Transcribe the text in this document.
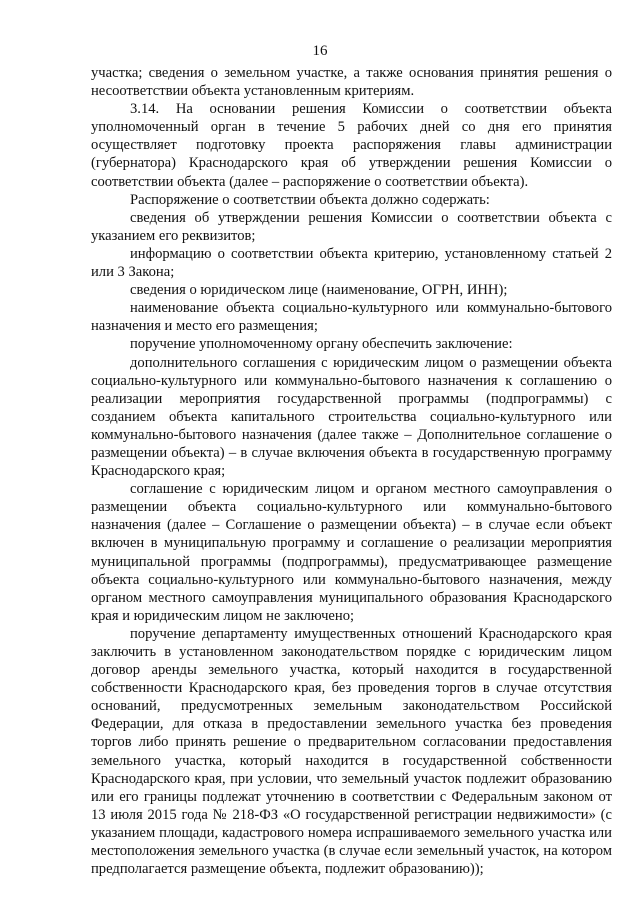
16

участка; сведения о земельном участке, а также основания принятия решения о несоответствии объекта установленным критериям.

3.14. На основании решения Комиссии о соответствии объекта уполномоченный орган в течение 5 рабочих дней со дня его принятия осуществляет подготовку проекта распоряжения главы администрации (губернатора) Краснодарского края об утверждении решения Комиссии о соответствии объекта (далее – распоряжение о соответствии объекта).

Распоряжение о соответствии объекта должно содержать:

сведения об утверждении решения Комиссии о соответствии объекта с указанием его реквизитов;

информацию о соответствии объекта критерию, установленному статьей 2 или 3 Закона;

сведения о юридическом лице (наименование, ОГРН, ИНН);

наименование объекта социально-культурного или коммунально-бытового назначения и место его размещения;

поручение уполномоченному органу обеспечить заключение:

дополнительного соглашения с юридическим лицом о размещении объекта социально-культурного или коммунально-бытового назначения к соглашению о реализации мероприятия государственной программы (подпрограммы) с созданием объекта капитального строительства социально-культурного или коммунально-бытового назначения (далее также – Дополнительное соглашение о размещении объекта) – в случае включения объекта в государственную программу Краснодарского края;

соглашение с юридическим лицом и органом местного самоуправления о размещении объекта социально-культурного или коммунально-бытового назначения (далее – Соглашение о размещении объекта) – в случае если объект включен в муниципальную программу и соглашение о реализации мероприятия муниципальной программы (подпрограммы), предусматривающее размещение объекта социально-культурного или коммунально-бытового назначения, между органом местного самоуправления муниципального образования Краснодарского края и юридическим лицом не заключено;

поручение департаменту имущественных отношений Краснодарского края заключить в установленном законодательством порядке с юридическим лицом договор аренды земельного участка, который находится в государственной собственности Краснодарского края, без проведения торгов в случае отсутствия оснований, предусмотренных земельным законодательством Российской Федерации, для отказа в предоставлении земельного участка без проведения торгов либо принять решение о предварительном согласовании предоставления земельного участка, который находится в государственной собственности Краснодарского края, при условии, что земельный участок подлежит образованию или его границы подлежат уточнению в соответствии с Федеральным законом от 13 июля 2015 года № 218-ФЗ «О государственной регистрации недвижимости» (с указанием площади, кадастрового номера испрашиваемого земельного участка или местоположения земельного участка (в случае если земельный участок, на котором предполагается размещение объекта, подлежит образованию));
